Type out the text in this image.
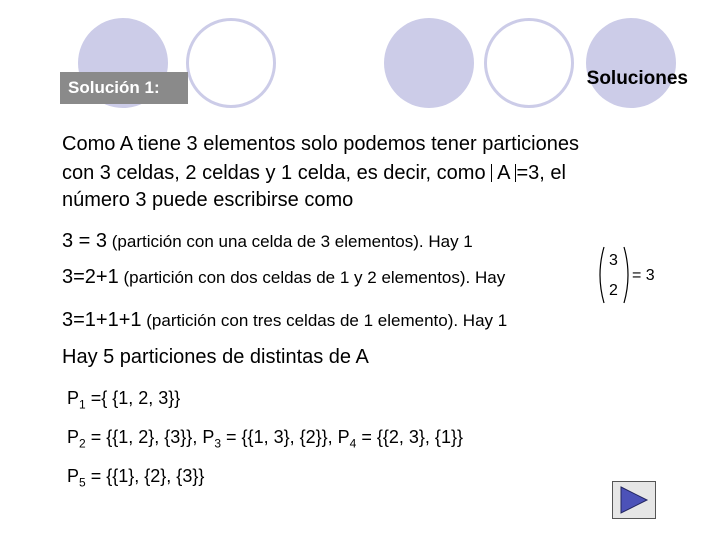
Solución 1:	Soluciones
Como A tiene 3 elementos solo podemos tener particiones
con 3 celdas, 2 celdas y 1 celda, es decir, como A =3, el
número 3 puede escribirse como
3 = 3 (partición con una celda de 3 elementos). Hay 1
3=2+1 (partición con dos celdas de 1 y 2 elementos). Hay
3=1+1+1 (partición con tres celdas de 1 elemento). Hay 1
3
2
= 3
Hay 5 particiones de distintas de A
$P_1$ ={ {1, 2, 3}}
$P_2 = \{\{1$, 2}, {3}}, $P_3 = \{\{1$, 3}, {2}}, $P_4 = \{\{2$, 3}, {1}}
$P_5 = \{\{1\}$, {2}, {3}}
